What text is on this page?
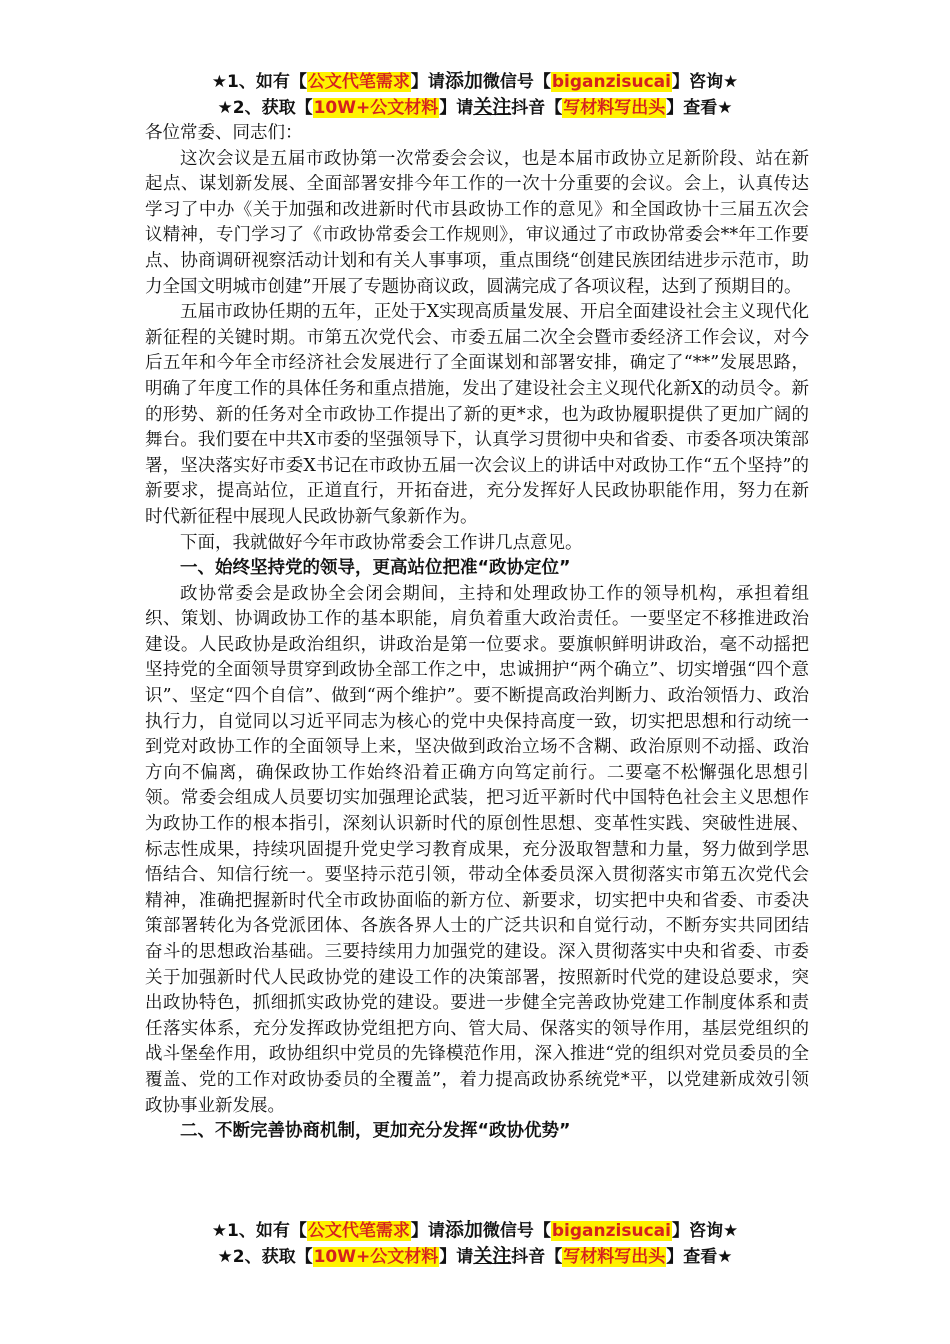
★1、如有【公文代笔需求】请添加微信号【biganzisucai】咨询★
★2、获取【10W+公文材料】请关注抖音【写材料写出头】查看★

各位常委、同志们：

这次会议是五届市政协第一次常委会会议，也是本届市政协立足新阶段、站在新起点、谋划新发展、全面部署安排今年工作的一次十分重要的会议。会上，认真传达学习了中办《关于加强和改进新时代市县政协工作的意见》和全国政协十三届五次会议精神，专门学习了《市政协常委会工作规则》，审议通过了市政协常委会**年工作要点、协商调研视察活动计划和有关人事事项，重点围绕“创建民族团结进步示范市，助力全国文明城市创建”开展了专题协商议政，圆满完成了各项议程，达到了预期目的。

五届市政协任期的五年，正处于X实现高质量发展、开启全面建设社会主义现代化新征程的关键时期。市第五次党代会、市委五届二次全会暨市委经济工作会议，对今后五年和今年全市经济社会发展进行了全面谋划和部署安排，确定了“**”发展思路，明确了年度工作的具体任务和重点措施，发出了建设社会主义现代化新X的动员令。新的形势、新的任务对全市政协工作提出了新的更*求，也为政协履职提供了更加广阔的舞台。我们要在中共X市委的坚强领导下，认真学习贯彻中央和省委、市委各项决策部署，坚决落实好市委X书记在市政协五届一次会议上的讲话中对政协工作“五个坚持”的新要求，提高站位，正道直行，开拓奋进，充分发挥好人民政协职能作用，努力在新时代新征程中展现人民政协新气象新作为。

下面，我就做好今年市政协常委会工作讲几点意见。

一、始终坚持党的领导，更高站位把准“政协定位”

政协常委会是政协全会闭会期间，主持和处理政协工作的领导机构，承担着组织、策划、协调政协工作的基本职能，肩负着重大政治责任。一要坚定不移推进政治建设。人民政协是政治组织，讲政治是第一位要求。要旗帜鲜明讲政治，毫不动摇把坚持党的全面领导贯穿到政协全部工作之中，忠诚拥护“两个确立”、切实增强“四个意识”、坚定“四个自信”、做到“两个维护”。要不断提高政治判断力、政治领悟力、政治执行力，自觉同以习近平同志为核心的党中央保持高度一致，切实把思想和行动统一到党对政协工作的全面领导上来，坚决做到政治立场不含糊、政治原则不动摇、政治方向不偏离，确保政协工作始终沿着正确方向笃定前行。二要毫不松懈强化思想引领。常委会组成人员要切实加强理论武装，把习近平新时代中国特色社会主义思想作为政协工作的根本指引，深刻认识新时代的原创性思想、变革性实践、突破性进展、标志性成果，持续巩固提升党史学习教育成果，充分汲取智慧和力量，努力做到学思悟结合、知信行统一。要坚持示范引领，带动全体委员深入贯彻落实市第五次党代会精神，准确把握新时代全市政协面临的新方位、新要求，切实把中央和省委、市委决策部署转化为各党派团体、各族各界人士的广泛共识和自觉行动，不断夯实共同团结奋斗的思想政治基础。三要持续用力加强党的建设。深入贯彻落实中央和省委、市委关于加强新时代人民政协党的建设工作的决策部署，按照新时代党的建设总要求，突出政协特色，抓细抓实政协党的建设。要进一步健全完善政协党建工作制度体系和责任落实体系，充分发挥政协党组把方向、管大局、保落实的领导作用，基层党组织的战斗堡垒作用，政协组织中党员的先锋模范作用，深入推进“党的组织对党员委员的全覆盖、党的工作对政协委员的全覆盖”，着力提高政协系统党*平，以党建新成效引领政协事业新发展。

二、不断完善协商机制，更加充分发挥“政协优势”

★1、如有【公文代笔需求】请添加微信号【biganzisucai】咨询★
★2、获取【10W+公文材料】请关注抖音【写材料写出头】查看★
